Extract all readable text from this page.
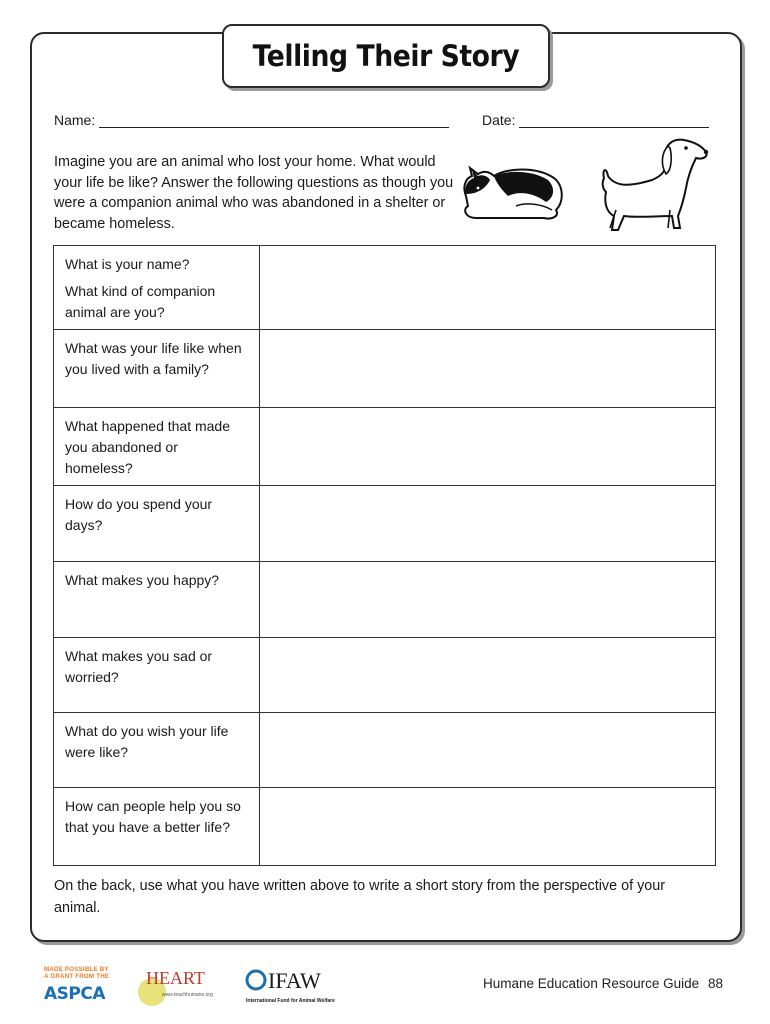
Telling Their Story
Name:	Date:
Imagine you are an animal who lost your home. What would your life be like? Answer the following questions as though you were a companion animal who was abandoned in a shelter or became homeless.

What is your name?

What kind of companion animal are you?	

What was your life like when you lived with a family?	

What happened that made you abandoned or homeless?	

How do you spend your days?	

What makes you happy?	

What makes you sad or worried?	

What do you wish your life were like?	

How can people help you so that you have a better life?	

On the back, use what you have written above to write a short story from the perspective of your animal.
MADE POSSIBLE BY A GRANT FROM THE
ASPCA
HEART
www.teachhumane.org
IFAW
International Fund for Animal Welfare
Humane Education Resource Guide 88
